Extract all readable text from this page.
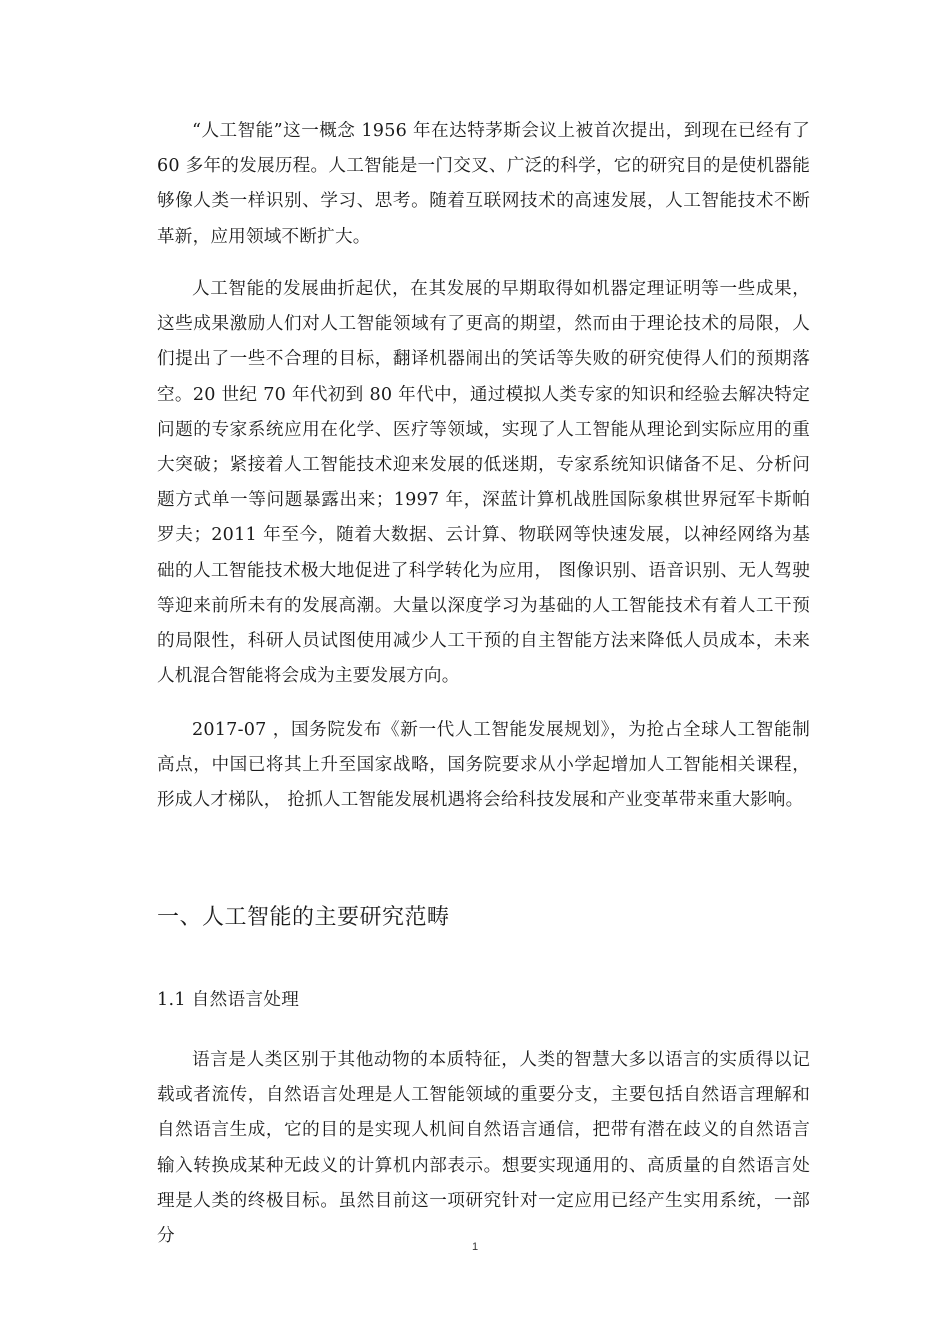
“人工智能”这一概念 1956 年在达特茅斯会议上被首次提出，到现在已经有了 60 多年的发展历程。人工智能是一门交叉、广泛的科学，它的研究目的是使机器能够像人类一样识别、学习、思考。随着互联网技术的高速发展，人工智能技术不断革新，应用领域不断扩大。

人工智能的发展曲折起伏，在其发展的早期取得如机器定理证明等一些成果，这些成果激励人们对人工智能领域有了更高的期望，然而由于理论技术的局限，人们提出了一些不合理的目标，翻译机器闹出的笑话等失败的研究使得人们的预期落空。20 世纪 70 年代初到 80 年代中，通过模拟人类专家的知识和经验去解决特定问题的专家系统应用在化学、医疗等领域，实现了人工智能从理论到实际应用的重大突破；紧接着人工智能技术迎来发展的低迷期，专家系统知识储备不足、分析问题方式单一等问题暴露出来；1997 年，深蓝计算机战胜国际象棋世界冠军卡斯帕罗夫；2011 年至今，随着大数据、云计算、物联网等快速发展，以神经网络为基础的人工智能技术极大地促进了科学转化为应用， 图像识别、语音识别、无人驾驶等迎来前所未有的发展高潮。大量以深度学习为基础的人工智能技术有着人工干预的局限性，科研人员试图使用减少人工干预的自主智能方法来降低人员成本，未来人机混合智能将会成为主要发展方向。

2017-07 ，国务院发布《新一代人工智能发展规划》，为抢占全球人工智能制高点，中国已将其上升至国家战略，国务院要求从小学起增加人工智能相关课程，形成人才梯队， 抢抓人工智能发展机遇将会给科技发展和产业变革带来重大影响。

一、人工智能的主要研究范畴
1.1 自然语言处理

语言是人类区别于其他动物的本质特征，人类的智慧大多以语言的实质得以记载或者流传，自然语言处理是人工智能领域的重要分支，主要包括自然语言理解和自然语言生成，它的目的是实现人机间自然语言通信，把带有潜在歧义的自然语言输入转换成某种无歧义的计算机内部表示。想要实现通用的、高质量的自然语言处理是人类的终极目标。虽然目前这一项研究针对一定应用已经产生实用系统，一部分

1
